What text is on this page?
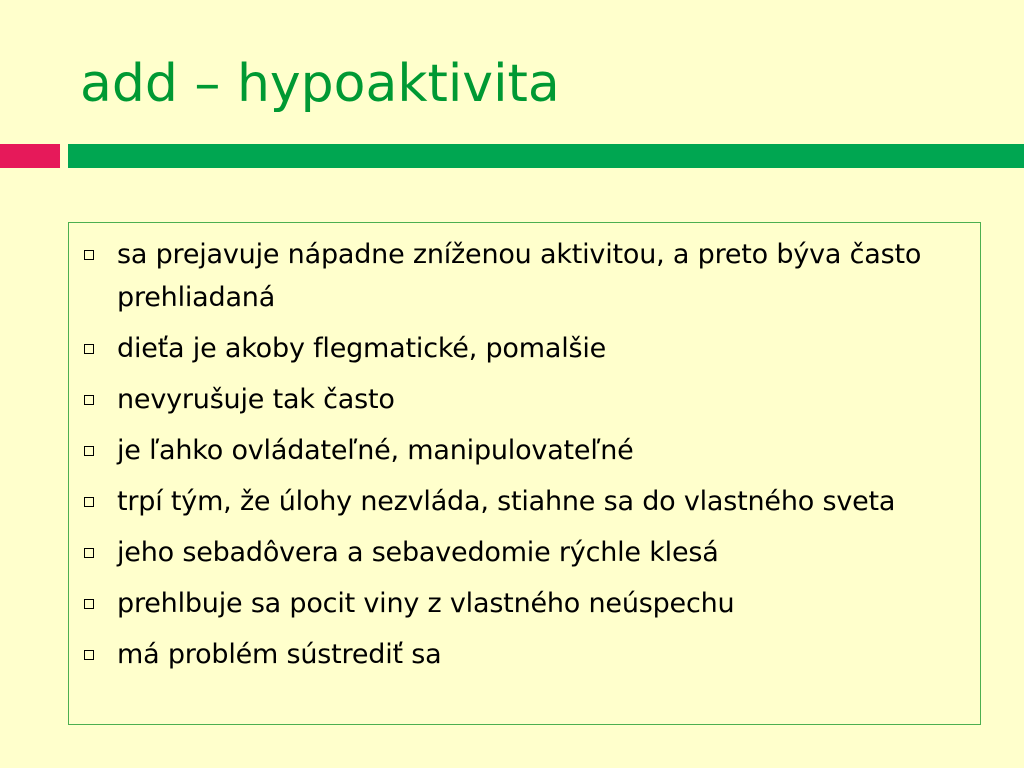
add – hypoaktivita
sa prejavuje nápadne zníženou aktivitou, a preto býva často prehliadaná
dieťa je akoby flegmatické, pomalšie
nevyrušuje tak často
je ľahko ovládateľné, manipulovateľné
trpí tým, že úlohy nezvláda, stiahne sa do vlastného sveta
jeho sebadôvera a sebavedomie rýchle klesá
prehlbuje sa pocit viny z vlastného neúspechu
má problém sústrediť sa
